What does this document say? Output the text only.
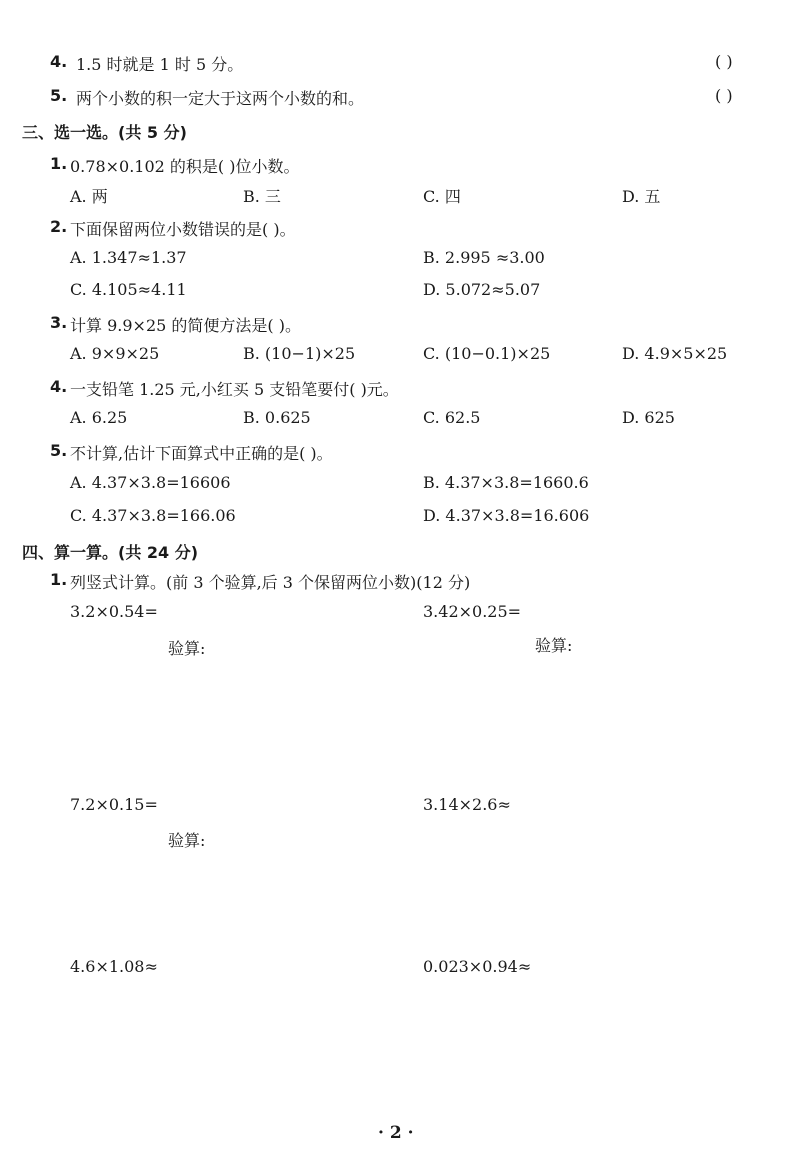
4. 1.5 时就是 1 时 5 分。	( )
5. 两个小数的积一定大于这两个小数的和。	( )
三、选一选。(共 5 分)
1. 0.78×0.102 的积是( )位小数。
A. 两	B. 三	C. 四	D. 五
2. 下面保留两位小数错误的是( )。
A. 1.347≈1.37	B. 2.995 ≈3.00
C. 4.105≈4.11	D. 5.072≈5.07
3. 计算 9.9×25 的简便方法是( )。
A. 9×9×25	B. (10−1)×25	C. (10−0.1)×25	D. 4.9×5×25
4. 一支铅笔 1.25 元,小红买 5 支铅笔要付( )元。
A. 6.25	B. 0.625	C. 62.5	D. 625
5. 不计算,估计下面算式中正确的是( )。
A. 4.37×3.8=16606	B. 4.37×3.8=1660.6
C. 4.37×3.8=166.06	D. 4.37×3.8=16.606
四、算一算。(共 24 分)
1. 列竖式计算。(前 3 个验算,后 3 个保留两位小数)(12 分)
3.2×0.54=	3.42×0.25=
验算:	验算:
7.2×0.15=	3.14×2.6≈
验算:
4.6×1.08≈	0.023×0.94≈
· 2 ·
